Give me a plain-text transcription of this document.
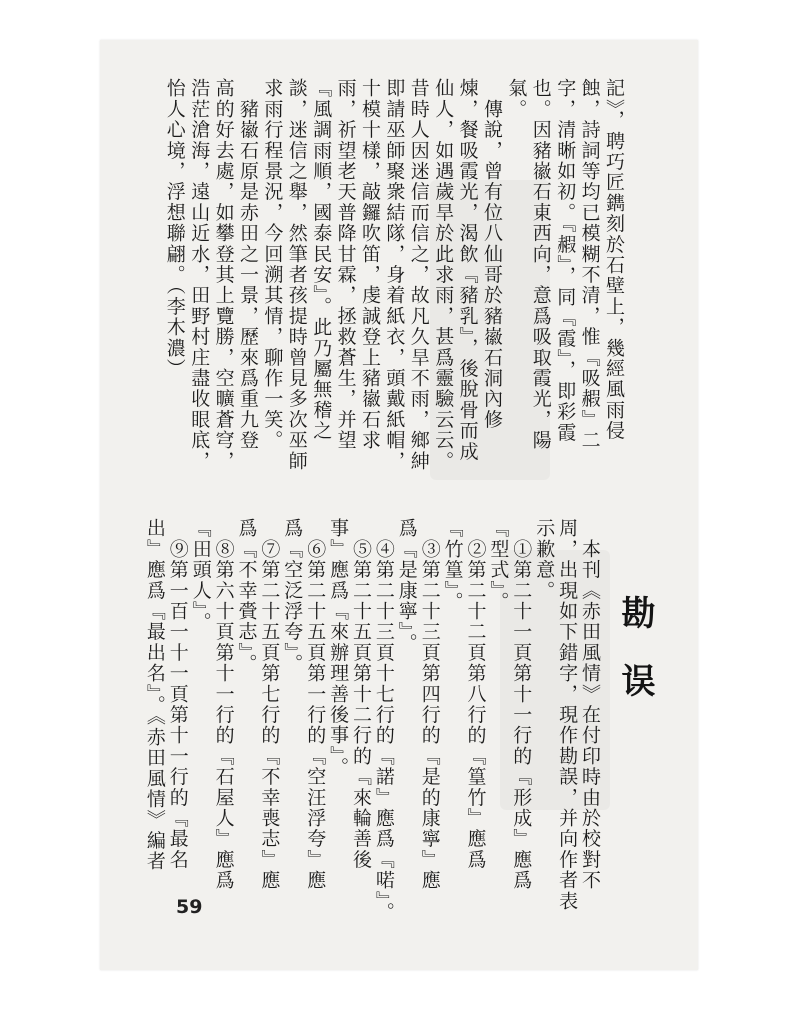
記》，聘巧匠鐫刻於石壁上，幾經風雨侵
蝕，詩詞等均已模糊不清，惟『吸赮』二
字，清晰如初。『赮』，同『霞』，即彩霞
也。因豬𡽪石東西向，意爲吸取霞光，陽
氣。
　傳說，曾有位八仙哥於豬𡽪石洞內修
煉，餐吸霞光，渴飲『豬乳』，後脫骨而成
仙人，如遇歲旱於此求雨，甚爲靈驗云云。
昔時人因迷信而信之，故凡久旱不雨，鄉紳
即請巫師聚衆結隊，身着紙衣，頭戴紙帽，
十模十樣，敲鑼吹笛，虔誠登上豬𡽪石求
雨，祈望老天普降甘霖，拯救蒼生，并望
『風調雨順，國泰民安』。此乃屬無稽之
談，迷信之舉，然筆者孩提時曾見多次巫師
求雨行程景況，今回溯其情，聊作一笑。
　豬𡽪石原是赤田之一景，歷來爲重九登
高的好去處，如攀登其上覽勝，空曠蒼穹，
浩茫滄海，遠山近水，田野村庄盡收眼底，
怡人心境，浮想聯翩。（李木濃）
　本刊《赤田風情》在付印時由於校對不
周，出現如下錯字，現作勘誤，并向作者表
示歉意。
　①第二十一頁第十一行的『形成』應爲
『型式』。
　②第二十二頁第八行的『篁竹』應爲
『竹篁』。
　③第二十三頁第四行的『是的康寧』應
爲『是康寧』。
　④第二十三頁十七行的『諾』應爲『喏』。
　⑤第二十五頁第十二行的『來輪善後
事』應爲『來辦理善後事』。
　⑥第二十五頁第一行的『空汪浮夸』應
爲『空泛浮夸』。
　⑦第二十五頁第七行的『不幸喪志』應
爲『不幸賫志』。
　⑧第六十頁第十一行的『石屋人』應爲
『田頭人』。
　⑨第一百一十一頁第十一行的『最名
出』應爲『最出名』。《赤田風情》編者	勘误
59
